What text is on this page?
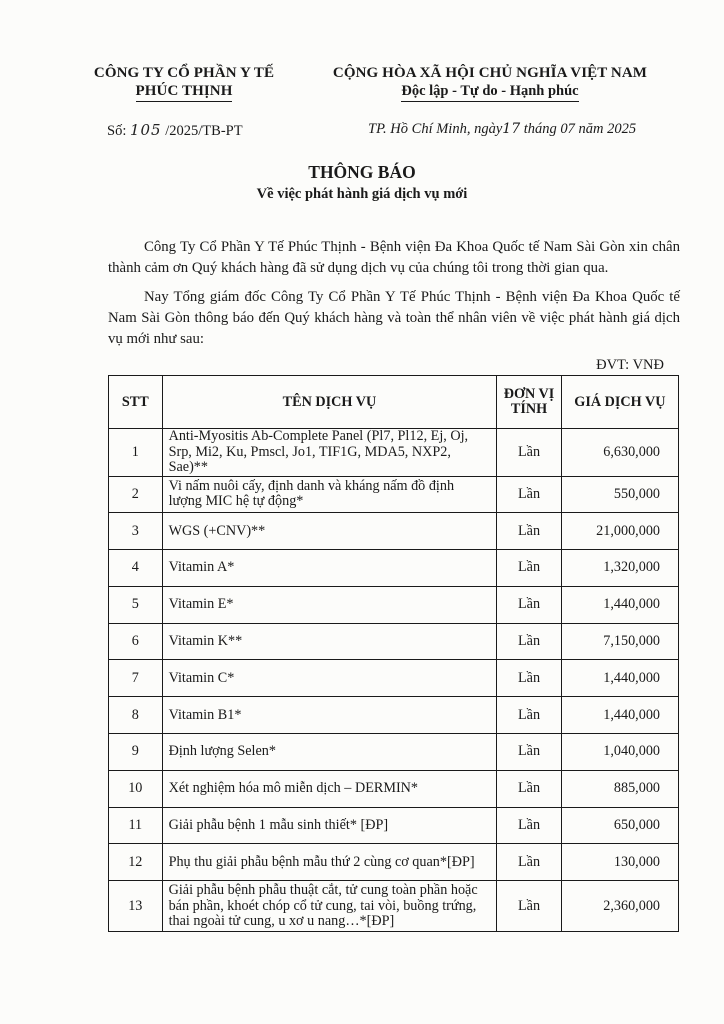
CÔNG TY CỔ PHẦN Y TẾ
PHÚC THỊNH
CỘNG HÒA XÃ HỘI CHỦ NGHĨA VIỆT NAM
Độc lập - Tự do - Hạnh phúc
Số: 105 /2025/TB-PT	TP. Hồ Chí Minh, ngày17 tháng 07 năm 2025
THÔNG BÁO
Về việc phát hành giá dịch vụ mới
Công Ty Cổ Phần Y Tế Phúc Thịnh - Bệnh viện Đa Khoa Quốc tế Nam Sài Gòn xin chân thành cảm ơn Quý khách hàng đã sử dụng dịch vụ của chúng tôi trong thời gian qua.
Nay Tổng giám đốc Công Ty Cổ Phần Y Tế Phúc Thịnh - Bệnh viện Đa Khoa Quốc tế Nam Sài Gòn thông báo đến Quý khách hàng và toàn thể nhân viên về việc phát hành giá dịch vụ mới như sau:
ĐVT: VNĐ
STT	TÊN DỊCH VỤ	ĐƠN VỊ TÍNH	GIÁ DỊCH VỤ
1	Anti-Myositis Ab-Complete Panel (Pl7, Pl12, Ej, Oj, Srp, Mi2, Ku, Pmscl, Jo1, TIF1G, MDA5, NXP2, Sae)**	Lần	6,630,000
2	Vi nấm nuôi cấy, định danh và kháng nấm đồ định lượng MIC hệ tự động*	Lần	550,000
3	WGS (+CNV)**	Lần	21,000,000
4	Vitamin A*	Lần	1,320,000
5	Vitamin E*	Lần	1,440,000
6	Vitamin K**	Lần	7,150,000
7	Vitamin C*	Lần	1,440,000
8	Vitamin B1*	Lần	1,440,000
9	Định lượng Selen*	Lần	1,040,000
10	Xét nghiệm hóa mô miễn dịch – DERMIN*	Lần	885,000
11	Giải phẫu bệnh 1 mẫu sinh thiết* [ĐP]	Lần	650,000
12	Phụ thu giải phẫu bệnh mẫu thứ 2 cùng cơ quan*[ĐP]	Lần	130,000
13	Giải phẫu bệnh phẫu thuật cắt, tử cung toàn phần hoặc bán phần, khoét chóp cổ tử cung, tai vòi, buồng trứng, thai ngoài tử cung, u xơ u nang…*[ĐP]	Lần	2,360,000
